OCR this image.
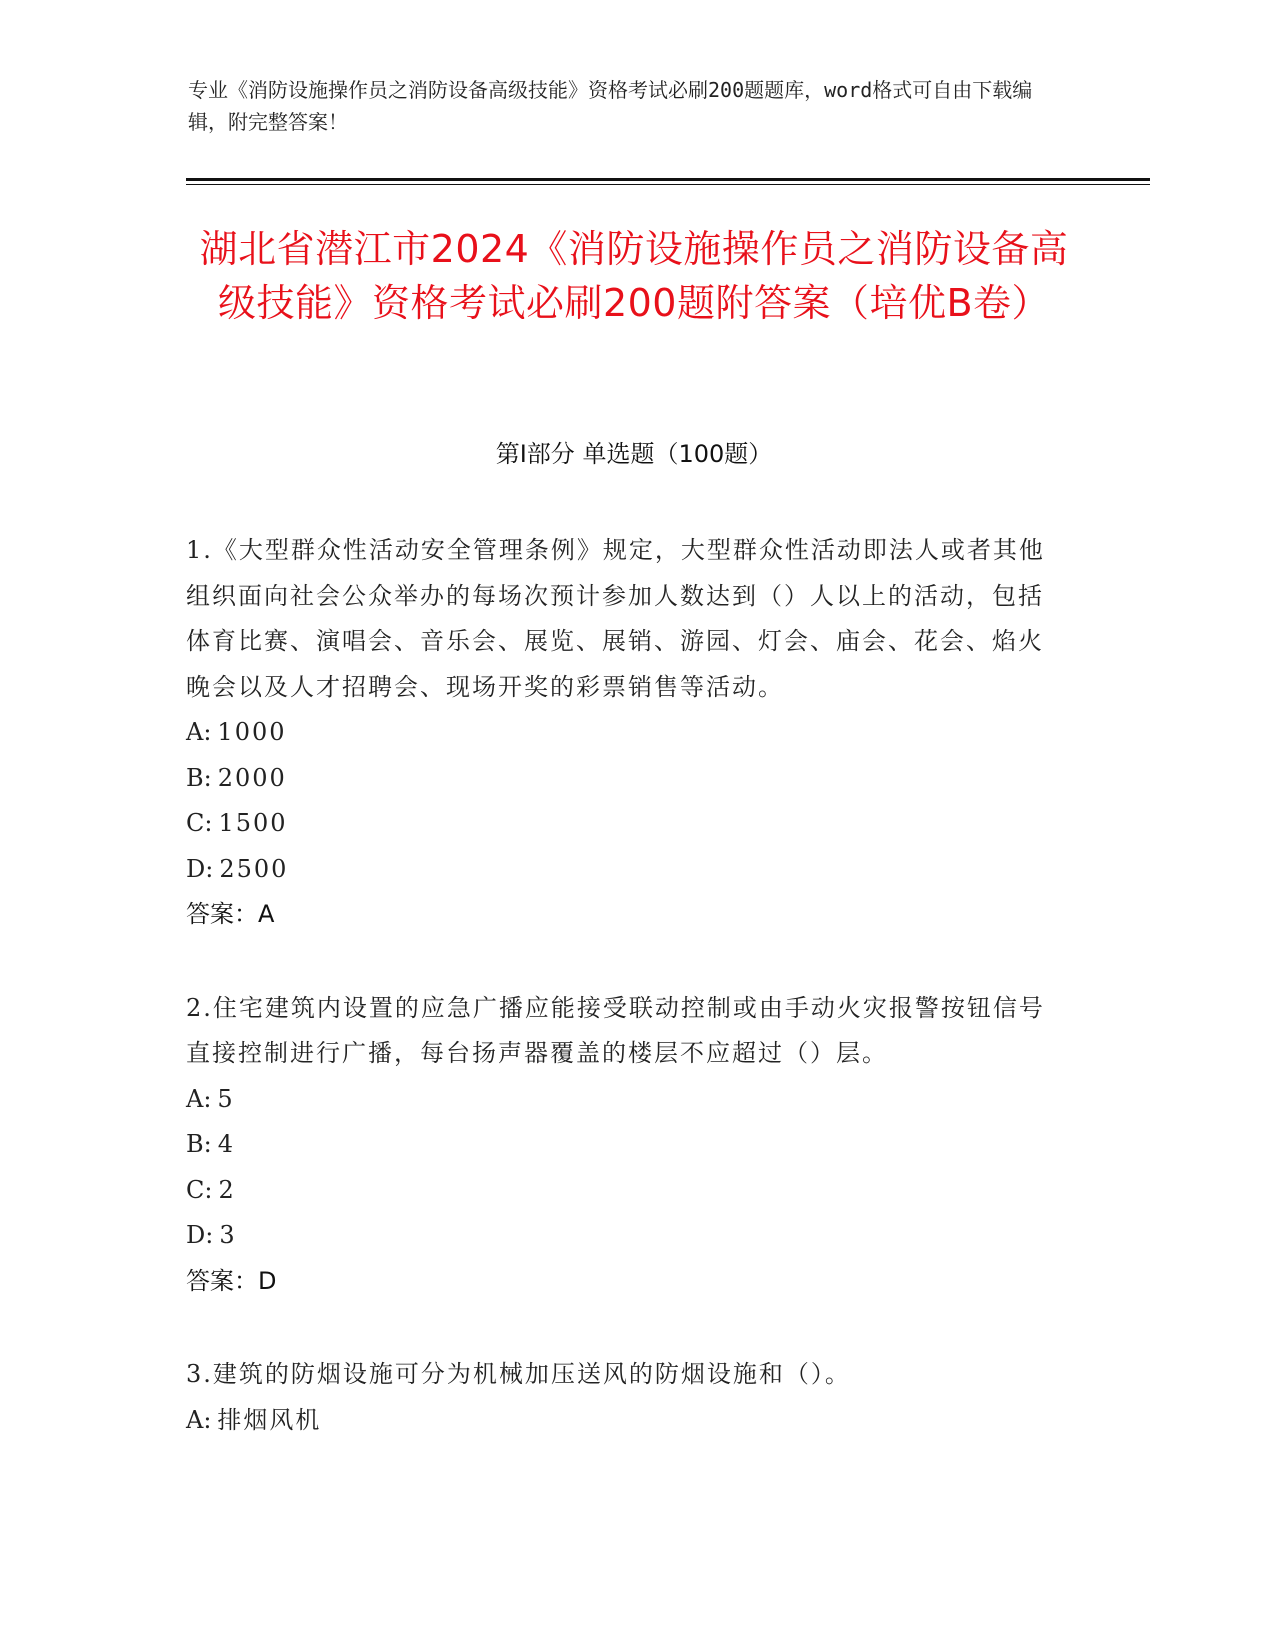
专业《消防设施操作员之消防设备高级技能》资格考试必刷200题题库，word格式可自由下载编辑，附完整答案！

湖北省潜江市2024《消防设施操作员之消防设备高级技能》资格考试必刷200题附答案（培优B卷）
第Ⅰ部分 单选题（100题）

1.《大型群众性活动安全管理条例》规定，大型群众性活动即法人或者其他组织面向社会公众举办的每场次预计参加人数达到（）人以上的活动，包括体育比赛、演唱会、音乐会、展览、展销、游园、灯会、庙会、花会、焰火晚会以及人才招聘会、现场开奖的彩票销售等活动。

A: 1000

B: 2000

C: 1500

D: 2500

答案：A

2.住宅建筑内设置的应急广播应能接受联动控制或由手动火灾报警按钮信号直接控制进行广播，每台扬声器覆盖的楼层不应超过（）层。

A: 5

B: 4

C: 2

D: 3

答案：D

3.建筑的防烟设施可分为机械加压送风的防烟设施和（）。

A: 排烟风机
